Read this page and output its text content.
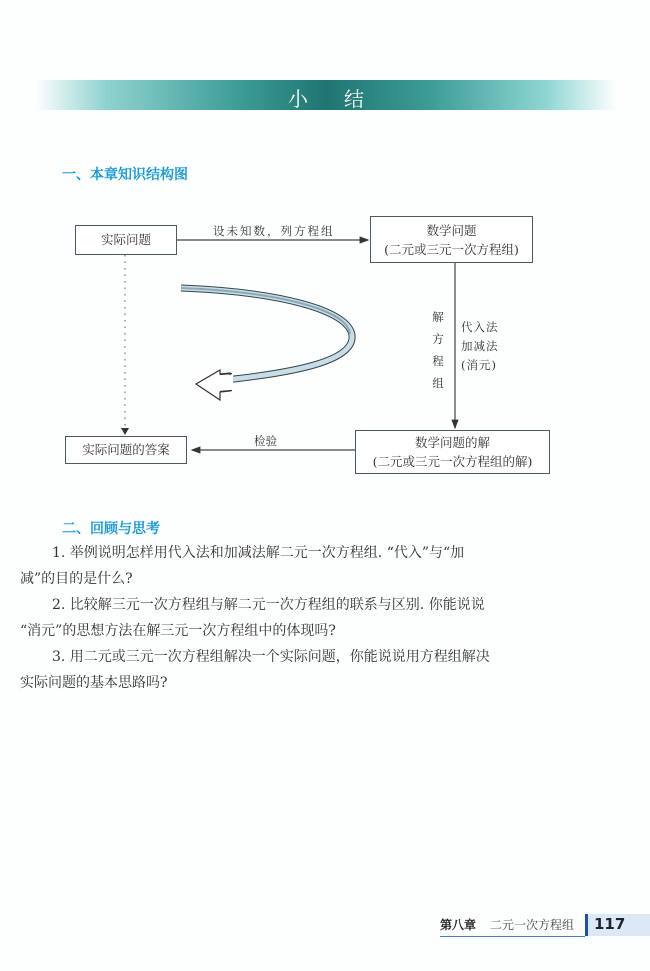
小结
一、本章知识结构图
实际问题
设未知数，列方程组	数学问题
(二元或三元一次方程组)
解
方
程
组
代入法
加减法
(消元)
检验	数学问题的解
(二元或三元一次方程组的解)
实际问题的答案
二、回顾与思考
1. 举例说明怎样用代入法和加减法解二元一次方程组. “代入”与“加
减”的目的是什么?
2. 比较解三元一次方程组与解二元一次方程组的联系与区别. 你能说说
“消元”的思想方法在解三元一次方程组中的体现吗?
3. 用二元或三元一次方程组解决一个实际问题，你能说说用方程组解决
实际问题的基本思路吗?
第八章 二元一次方程组 117
